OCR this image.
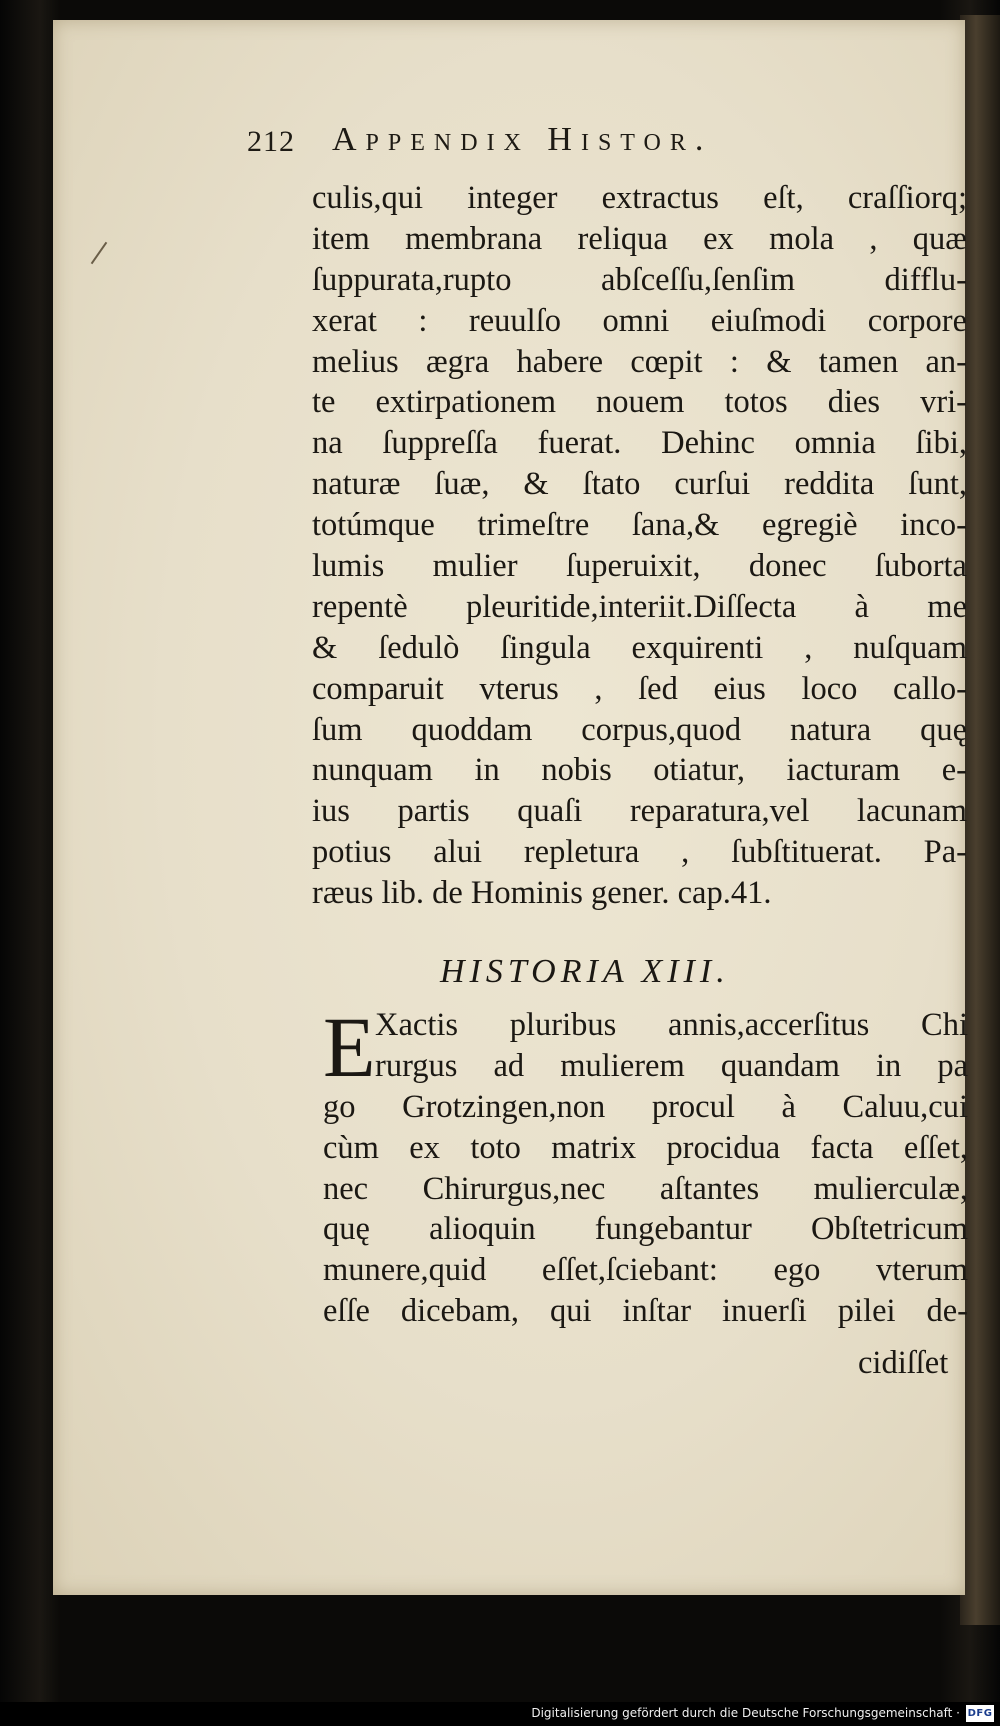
212 Appendix Histor.
culis,qui integer extractus eſt, craſſiorq;
item membrana reliqua ex mola , quæ
ſuppurata,rupto abſceſſu,ſenſim difflu-
xerat : reuulſo omni eiuſmodi corpore
melius ægra habere cœpit : & tamen an-
te extirpationem nouem totos dies vri-
na ſuppreſſa fuerat. Dehinc omnia ſibi,
naturæ ſuæ, & ſtato curſui reddita ſunt,
totúmque trimeſtre ſana,& egregiè inco-
lumis mulier ſuperuixit, donec ſuborta
repentè pleuritide,interiit.Diſſecta à me
& ſedulò ſingula exquirenti , nuſquam
comparuit vterus , ſed eius loco callo-
ſum quoddam corpus,quod natura quę
nunquam in nobis otiatur, iacturam e-
ius partis quaſi reparatura,vel lacunam
potius alui repletura , ſubſtituerat. Pa-
ræus lib. de Hominis gener. cap.41.
HISTORIA XIII.
E Xactis pluribus annis,accerſitus Chi
rurgus ad mulierem quandam in pa
go Grotzingen,non procul à Caluu,cui
cùm ex toto matrix procidua facta eſſet,
nec Chirurgus,nec aſtantes mulierculæ,
quę alioquin fungebantur Obſtetricum
munere,quid eſſet,ſciebant: ego vterum
eſſe dicebam, qui inſtar inuerſi pilei de-
cidiſſet
Digitalisierung gefördert durch die Deutsche Forschungsgemeinschaft · DFG
